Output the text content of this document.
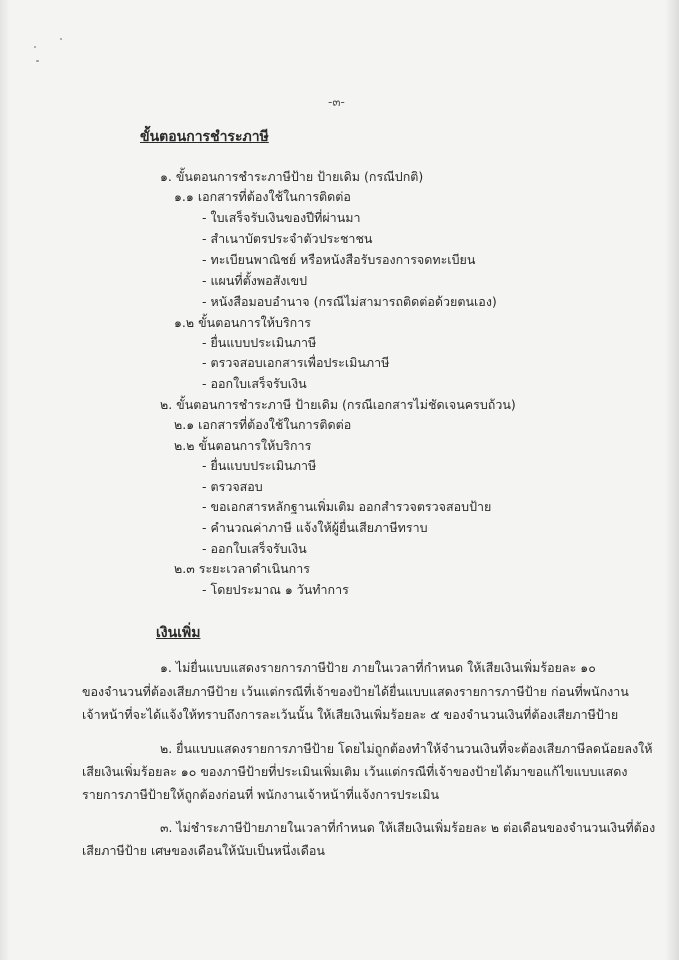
-๓-
ขั้นตอนการชำระภาษี
๑. ขั้นตอนการชำระภาษีป้าย ป้ายเดิม (กรณีปกติ)
๑.๑ เอกสารที่ต้องใช้ในการติดต่อ
- ใบเสร็จรับเงินของปีที่ผ่านมา
- สำเนาบัตรประจำตัวประชาชน
- ทะเบียนพาณิชย์ หรือหนังสือรับรองการจดทะเบียน
- แผนที่ตั้งพอสังเขป
- หนังสือมอบอำนาจ (กรณีไม่สามารถติดต่อด้วยตนเอง)
๑.๒ ขั้นตอนการให้บริการ
- ยื่นแบบประเมินภาษี
- ตรวจสอบเอกสารเพื่อประเมินภาษี
- ออกใบเสร็จรับเงิน
๒. ขั้นตอนการชำระภาษี ป้ายเดิม (กรณีเอกสารไม่ชัดเจนครบถ้วน)
๒.๑ เอกสารที่ต้องใช้ในการติดต่อ
๒.๒ ขั้นตอนการให้บริการ
- ยื่นแบบประเมินภาษี
- ตรวจสอบ
- ขอเอกสารหลักฐานเพิ่มเติม ออกสำรวจตรวจสอบป้าย
- คำนวณค่าภาษี แจ้งให้ผู้ยื่นเสียภาษีทราบ
- ออกใบเสร็จรับเงิน
๒.๓ ระยะเวลาดำเนินการ
- โดยประมาณ ๑ วันทำการ
เงินเพิ่ม
๑. ไม่ยื่นแบบแสดงรายการภาษีป้าย ภายในเวลาที่กำหนด ให้เสียเงินเพิ่มร้อยละ ๑๐
ของจำนวนที่ต้องเสียภาษีป้าย เว้นแต่กรณีที่เจ้าของป้ายได้ยื่นแบบแสดงรายการภาษีป้าย ก่อนที่พนักงาน
เจ้าหน้าที่จะได้แจ้งให้ทราบถึงการละเว้นนั้น ให้เสียเงินเพิ่มร้อยละ ๕ ของจำนวนเงินที่ต้องเสียภาษีป้าย
๒. ยื่นแบบแสดงรายการภาษีป้าย โดยไม่ถูกต้องทำให้จำนวนเงินที่จะต้องเสียภาษีลดน้อยลงให้
เสียเงินเพิ่มร้อยละ ๑๐ ของภาษีป้ายที่ประเมินเพิ่มเติม เว้นแต่กรณีที่เจ้าของป้ายได้มาขอแก้ไขแบบแสดง
รายการภาษีป้ายให้ถูกต้องก่อนที่ พนักงานเจ้าหน้าที่แจ้งการประเมิน
๓. ไม่ชำระภาษีป้ายภายในเวลาที่กำหนด ให้เสียเงินเพิ่มร้อยละ ๒ ต่อเดือนของจำนวนเงินที่ต้อง
เสียภาษีป้าย เศษของเดือนให้นับเป็นหนึ่งเดือน
